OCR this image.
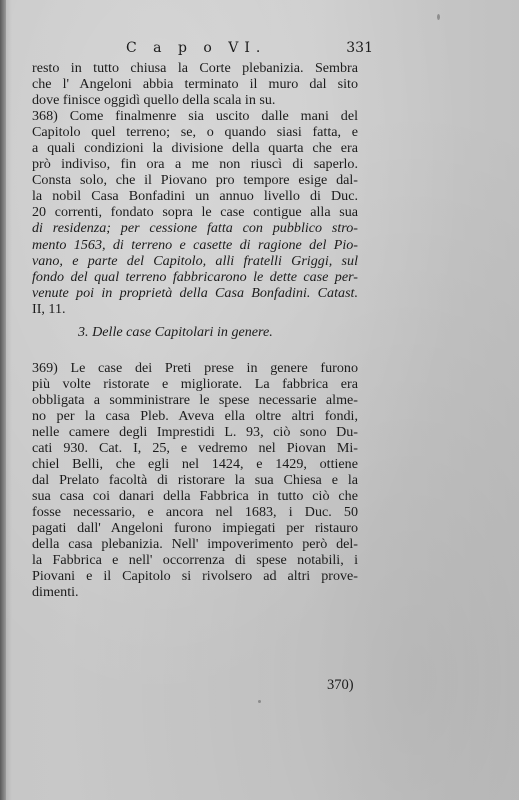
C a p o VI.	331
resto in tutto chiusa la Corte plebanizia. Sembra
che l' Angeloni abbia terminato il muro dal sito
dove finisce oggidì quello della scala in su.
368) Come finalmenre sia uscito dalle mani del
Capitolo quel terreno; se, o quando siasi fatta, e
a quali condizioni la divisione della quarta che era
prò indiviso, fin ora a me non riuscì di saperlo.
Consta solo, che il Piovano pro tempore esige dal-
la nobil Casa Bonfadini un annuo livello di Duc.
20 correnti, fondato sopra le case contigue alla sua
di residenza; per cessione fatta con pubblico stro-
mento 1563, di terreno e casette di ragione del Pio-
vano, e parte del Capitolo, alli fratelli Griggi, sul
fondo del qual terreno fabbricarono le dette case per-
venute poi in proprietà della Casa Bonfadini. Catast.
II, 11.
3. Delle case Capitolari in genere.
369) Le case dei Preti prese in genere furono
più volte ristorate e migliorate. La fabbrica era
obbligata a somministrare le spese necessarie alme-
no per la casa Pleb. Aveva ella oltre altri fondi,
nelle camere degli Imprestidi L. 93, ciò sono Du-
cati 930. Cat. I, 25, e vedremo nel Piovan Mi-
chiel Belli, che egli nel 1424, e 1429, ottiene
dal Prelato facoltà di ristorare la sua Chiesa e la
sua casa coi danari della Fabbrica in tutto ciò che
fosse necessario, e ancora nel 1683, i Duc. 50
pagati dall' Angeloni furono impiegati per ristauro
della casa plebanizia. Nell' impoverimento però del-
la Fabbrica e nell' occorrenza di spese notabili, i
Piovani e il Capitolo si rivolsero ad altri prove-
dimenti.
370)
